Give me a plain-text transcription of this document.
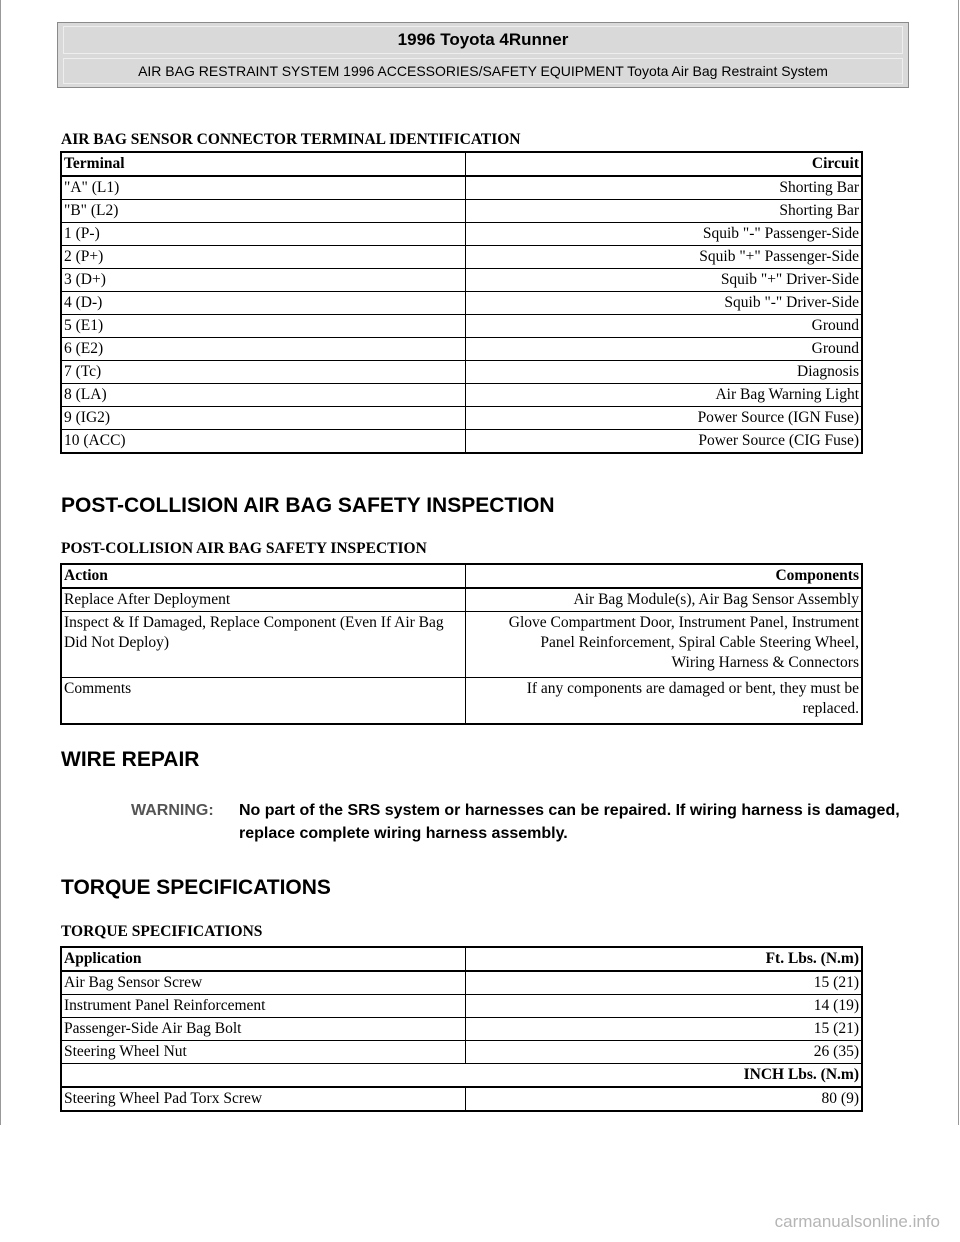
1996 Toyota 4Runner
AIR BAG RESTRAINT SYSTEM 1996 ACCESSORIES/SAFETY EQUIPMENT Toyota Air Bag Restraint System
AIR BAG SENSOR CONNECTOR TERMINAL IDENTIFICATION
Terminal	Circuit
"A" (L1)	Shorting Bar
"B" (L2)	Shorting Bar
1 (P-)	Squib "-" Passenger-Side
2 (P+)	Squib "+" Passenger-Side
3 (D+)	Squib "+" Driver-Side
4 (D-)	Squib "-" Driver-Side
5 (E1)	Ground
6 (E2)	Ground
7 (Tc)	Diagnosis
8 (LA)	Air Bag Warning Light
9 (IG2)	Power Source (IGN Fuse)
10 (ACC)	Power Source (CIG Fuse)
POST-COLLISION AIR BAG SAFETY INSPECTION
POST-COLLISION AIR BAG SAFETY INSPECTION
Action	Components
Replace After Deployment	Air Bag Module(s), Air Bag Sensor Assembly
Inspect & If Damaged, Replace Component (Even If Air Bag Did Not Deploy)	Glove Compartment Door, Instrument Panel, Instrument Panel Reinforcement, Spiral Cable Steering Wheel, Wiring Harness & Connectors
Comments	If any components are damaged or bent, they must be replaced.
WIRE REPAIR
WARNING: No part of the SRS system or harnesses can be repaired. If wiring harness is damaged, replace complete wiring harness assembly.
TORQUE SPECIFICATIONS
TORQUE SPECIFICATIONS
Application	Ft. Lbs. (N.m)
Air Bag Sensor Screw	15 (21)
Instrument Panel Reinforcement	14 (19)
Passenger-Side Air Bag Bolt	15 (21)
Steering Wheel Nut	26 (35)
INCH Lbs. (N.m)	
Steering Wheel Pad Torx Screw	80 (9)
carmanualsonline.info
